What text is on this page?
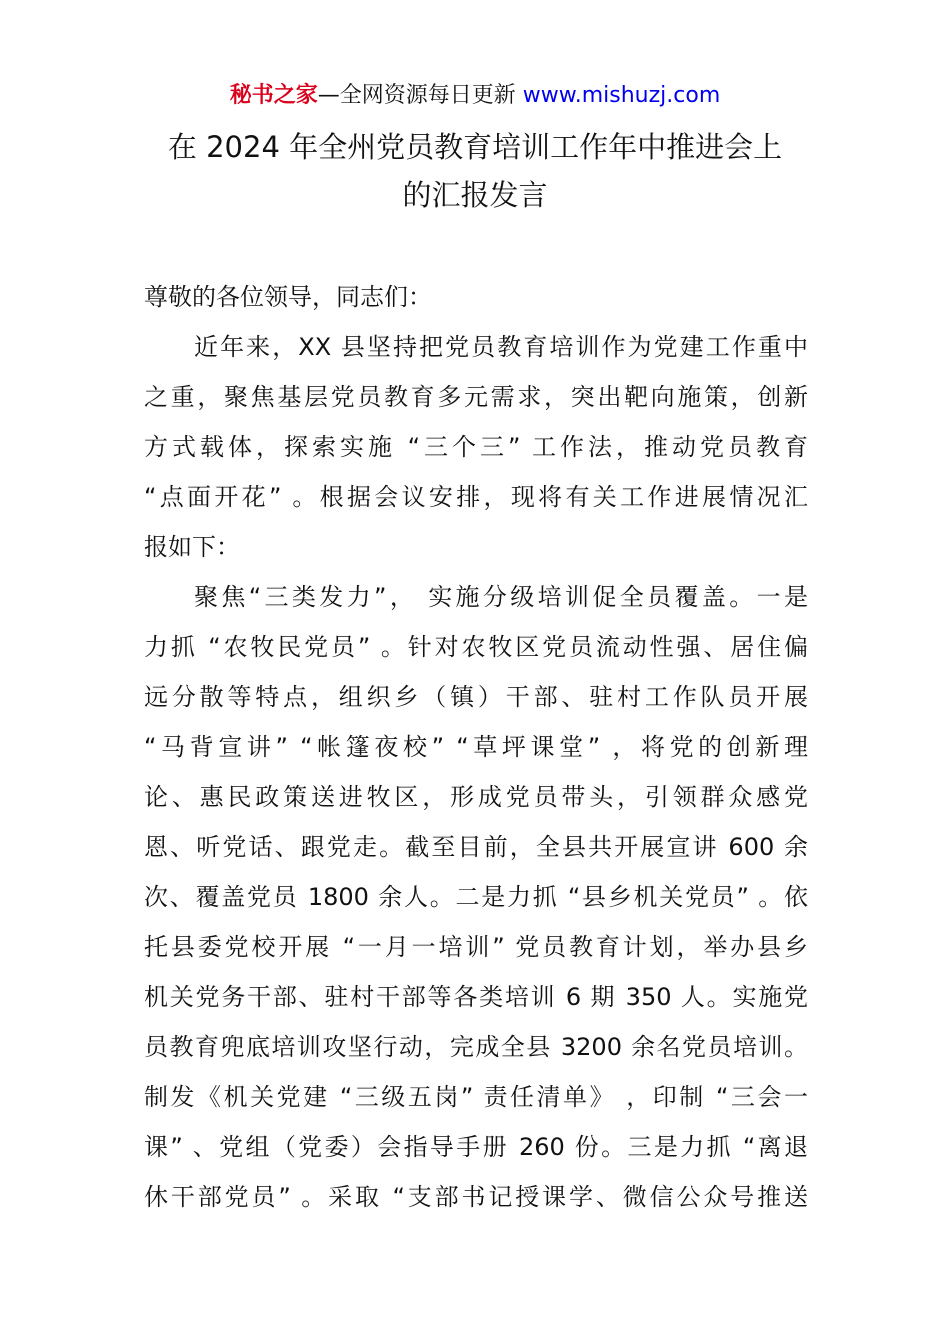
秘书之家—全网资源每日更新 www.mishuzj.com
在 2024 年全州党员教育培训工作年中推进会上
的汇报发言
尊敬的各位领导，同志们：
近年来，XX 县坚持把党员教育培训作为党建工作重中
之重，聚焦基层党员教育多元需求，突出靶向施策，创新
方式载体，探索实施 “三个三” 工作法，推动党员教育
“点面开花” 。根据会议安排，现将有关工作进展情况汇
报如下：
聚焦“三类发力”， 实施分级培训促全员覆盖。一是
力抓 “农牧民党员” 。针对农牧区党员流动性强、居住偏
远分散等特点，组织乡（镇）干部、驻村工作队员开展
“马背宣讲” “帐篷夜校” “草坪课堂” ，将党的创新理
论、惠民政策送进牧区，形成党员带头，引领群众感党
恩、听党话、跟党走。截至目前，全县共开展宣讲 600 余
次、覆盖党员 1800 余人。二是力抓 “县乡机关党员” 。依
托县委党校开展 “一月一培训” 党员教育计划，举办县乡
机关党务干部、驻村干部等各类培训 6 期 350 人。实施党
员教育兜底培训攻坚行动，完成全县 3200 余名党员培训。
制发《机关党建 “三级五岗” 责任清单》 ，印制 “三会一
课” 、党组（党委）会指导手册 260 份。三是力抓 “离退
休干部党员” 。采取 “支部书记授课学、微信公众号推送
